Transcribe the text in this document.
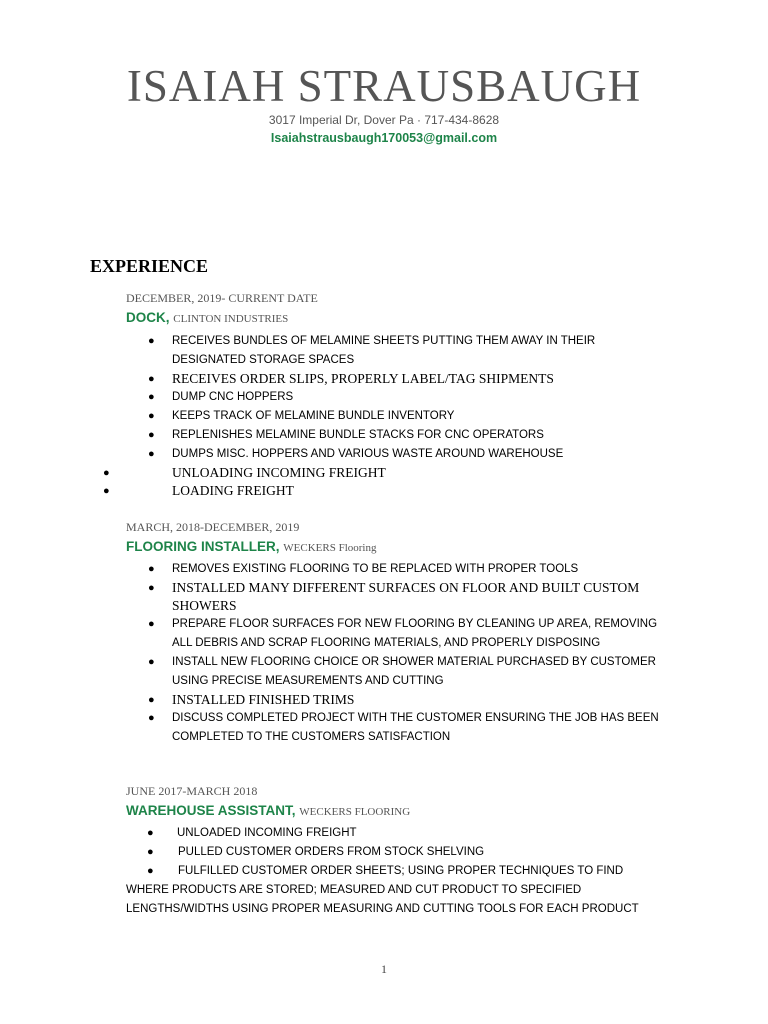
ISAIAH STRAUSBAUGH
3017 Imperial Dr, Dover Pa · 717-434-8628
Isaiahstrausbaugh170053@gmail.com
EXPERIENCE
DECEMBER, 2019- CURRENT DATE
DOCK, CLINTON INDUSTRIES
● RECEIVES BUNDLES OF MELAMINE SHEETS PUTTING THEM AWAY IN THEIR DESIGNATED STORAGE SPACES
● RECEIVES ORDER SLIPS, PROPERLY LABEL/TAG SHIPMENTS
● DUMP CNC HOPPERS
● KEEPS TRACK OF MELAMINE BUNDLE INVENTORY
● REPLENISHES MELAMINE BUNDLE STACKS FOR CNC OPERATORS
● DUMPS MISC. HOPPERS AND VARIOUS WASTE AROUND WAREHOUSE
●	UNLOADING INCOMING FREIGHT
●	LOADING FREIGHT
MARCH, 2018-DECEMBER, 2019
FLOORING INSTALLER, WECKERS Flooring
● REMOVES EXISTING FLOORING TO BE REPLACED WITH PROPER TOOLS
● INSTALLED MANY DIFFERENT SURFACES ON FLOOR AND BUILT CUSTOM SHOWERS
● PREPARE FLOOR SURFACES FOR NEW FLOORING BY CLEANING UP AREA, REMOVING ALL DEBRIS AND SCRAP FLOORING MATERIALS, AND PROPERLY DISPOSING
● INSTALL NEW FLOORING CHOICE OR SHOWER MATERIAL PURCHASED BY CUSTOMER USING PRECISE MEASUREMENTS AND CUTTING
● INSTALLED FINISHED TRIMS
● DISCUSS COMPLETED PROJECT WITH THE CUSTOMER ENSURING THE JOB HAS BEEN COMPLETED TO THE CUSTOMERS SATISFACTION
JUNE 2017-MARCH 2018
WAREHOUSE ASSISTANT, WECKERS FLOORING
● UNLOADED INCOMING FREIGHT
● PULLED CUSTOMER ORDERS FROM STOCK SHELVING
● FULFILLED CUSTOMER ORDER SHEETS; USING PROPER TECHNIQUES TO FIND
WHERE PRODUCTS ARE STORED; MEASURED AND CUT PRODUCT TO SPECIFIED LENGTHS/WIDTHS USING PROPER MEASURING AND CUTTING TOOLS FOR EACH PRODUCT
1
